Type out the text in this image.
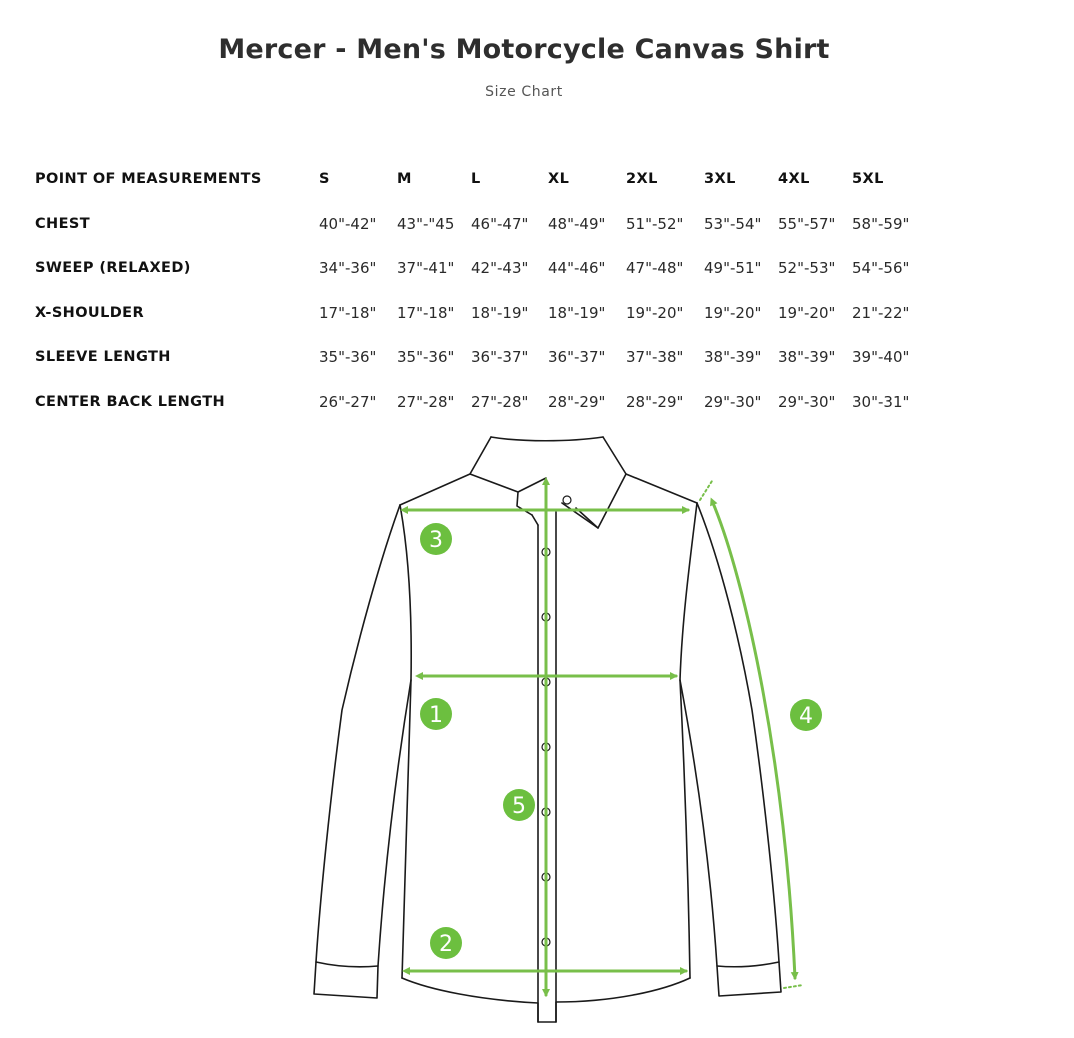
Mercer - Men's Motorcycle Canvas Shirt
Size Chart
POINT OF MEASUREMENTS	S	M	L	XL	2XL	3XL	4XL	5XL
CHEST	40"-42"	43"-"45	46"-47"	48"-49"	51"-52"	53"-54"	55"-57"	58"-59"
SWEEP (RELAXED)	34"-36"	37"-41"	42"-43"	44"-46"	47"-48"	49"-51"	52"-53"	54"-56"
X-SHOULDER	17"-18"	17"-18"	18"-19"	18"-19"	19"-20"	19"-20"	19"-20"	21"-22"
SLEEVE LENGTH	35"-36"	35"-36"	36"-37"	36"-37"	37"-38"	38"-39"	38"-39"	39"-40"
CENTER BACK LENGTH	26"-27"	27"-28"	27"-28"	28"-29"	28"-29"	29"-30"	29"-30"	30"-31"
3
1	4
5
2
